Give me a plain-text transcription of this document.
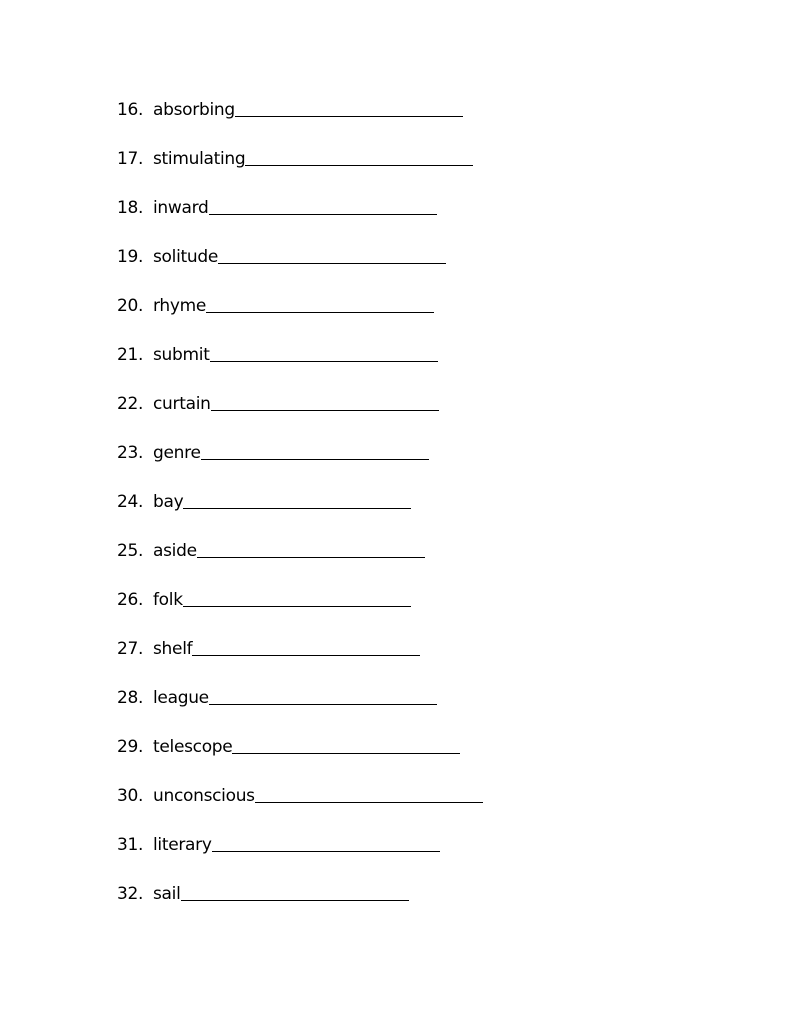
16. absorbing
17. stimulating
18. inward
19. solitude
20. rhyme
21. submit
22. curtain
23. genre
24. bay
25. aside
26. folk
27. shelf
28. league
29. telescope
30. unconscious
31. literary
32. sail
